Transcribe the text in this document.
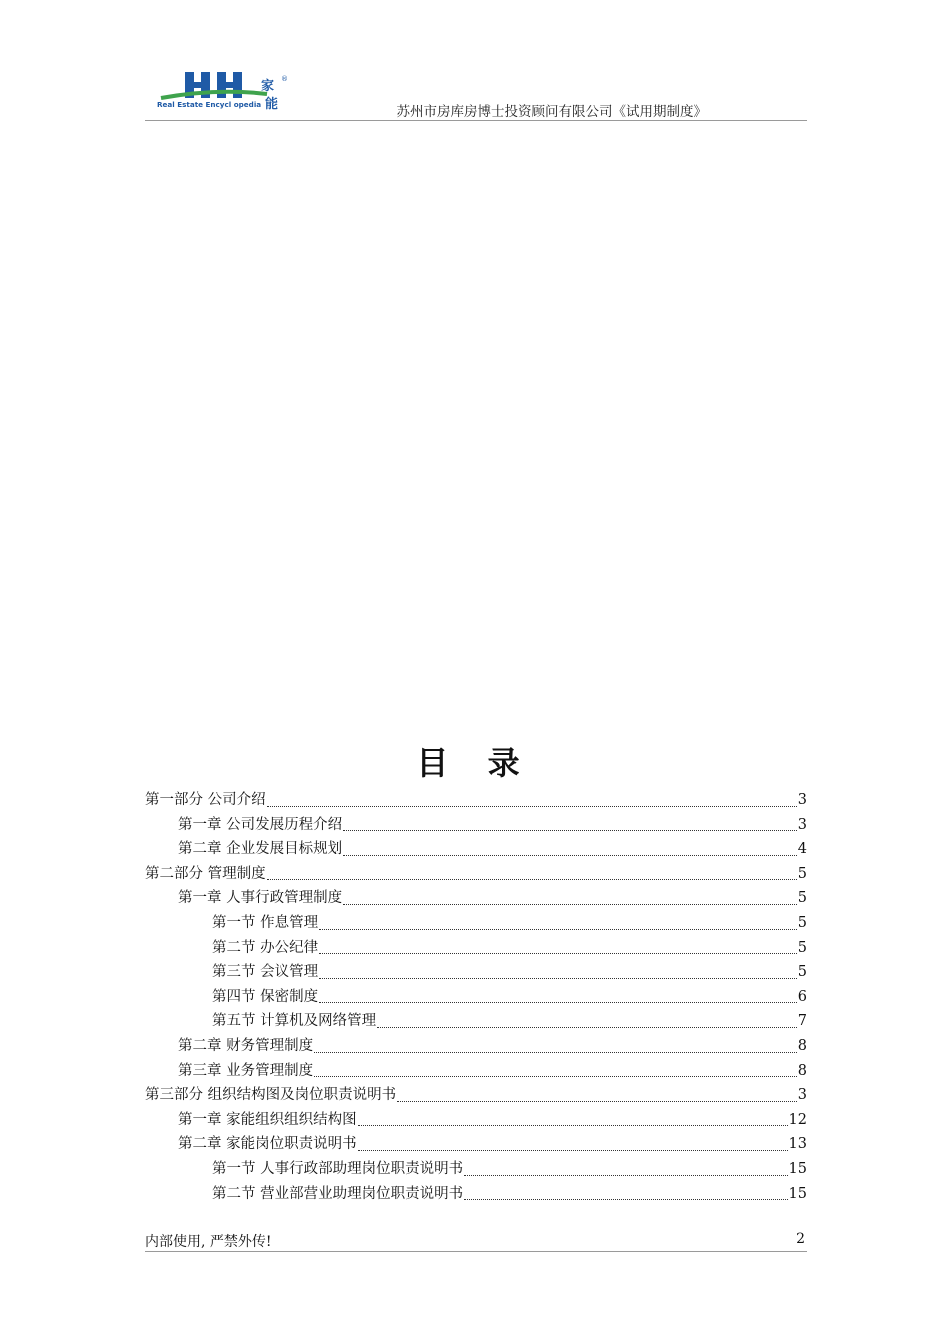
家
能
®
Real Estate Encycl opedia	苏州市房库房博士投资顾问有限公司《试用期制度》
目 录
第一部分 公司介绍	3
第一章 公司发展历程介绍	3
第二章 企业发展目标规划	4
第二部分 管理制度	5
第一章 人事行政管理制度	5
第一节 作息管理	5
第二节 办公纪律	5
第三节 会议管理	5
第四节 保密制度	6
第五节 计算机及网络管理	7
第二章 财务管理制度	8
第三章 业务管理制度	8
第三部分 组织结构图及岗位职责说明书	3
第一章 家能组织组织结构图	12
第二章 家能岗位职责说明书	13
第一节 人事行政部助理岗位职责说明书	15
第二节 营业部营业助理岗位职责说明书	15
内部使用, 严禁外传!	2
